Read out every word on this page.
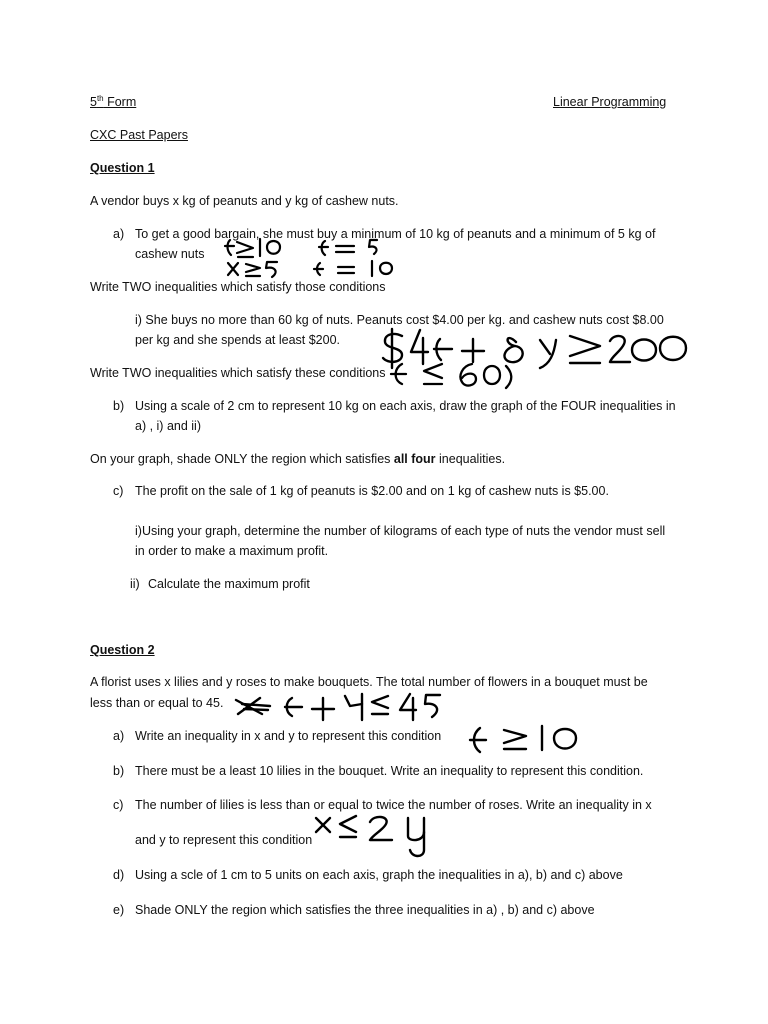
5th Form	Linear Programming
CXC Past Papers
Question 1
A vendor buys x kg of peanuts and y kg of cashew nuts.
a) To get a good bargain, she must buy a minimum of 10 kg of peanuts and a minimum of 5 kg of
cashew nuts
Write TWO inequalities which satisfy those conditions
i) She buys no more than 60 kg of nuts. Peanuts cost $4.00 per kg. and cashew nuts cost $8.00
per kg and she spends at least $200.
Write TWO inequalities which satisfy these conditions
b) Using a scale of 2 cm to represent 10 kg on each axis, draw the graph of the FOUR inequalities in
a) , i) and ii)
On your graph, shade ONLY the region which satisfies all four inequalities.
c) The profit on the sale of 1 kg of peanuts is $2.00 and on 1 kg of cashew nuts is $5.00.
i)Using your graph, determine the number of kilograms of each type of nuts the vendor must sell
in order to make a maximum profit.
ii) Calculate the maximum profit
Question 2
A florist uses x lilies and y roses to make bouquets. The total number of flowers in a bouquet must be
less than or equal to 45.
a) Write an inequality in x and y to represent this condition
b) There must be a least 10 lilies in the bouquet. Write an inequality to represent this condition.
c) The number of lilies is less than or equal to twice the number of roses. Write an inequality in x
and y to represent this condition
d) Using a scle of 1 cm to 5 units on each axis, graph the inequalities in a), b) and c) above
e) Shade ONLY the region which satisfies the three inequalities in a) , b) and c) above
